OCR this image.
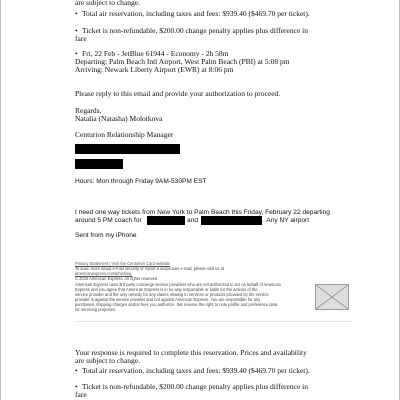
are subject to change.
• Total air reservation, including taxes and fees: $939.40 ($469.70 per ticket).
• Ticket is non-refundable, $200.00 change penalty applies plus difference in
fare
• Fri, 22 Feb - JetBlue 61944 - Economy - 2h 58m
Departing: Palm Beach Intl Airport, West Palm Beach (PBI) at 5:08 pm
Arriving: Newark Liberty Airport (EWR) at 8:06 pm
Please reply to this email and provide your authorization to proceed.
Regards,
Natalia (Natasha) Molotkova
Centurion Relationship Manager
Hours: Mon through Friday 9AM-530PM EST
I need one way tickets from New York to Palm Beach this Friday, February 22 departing
around 5 PM coach for	and	. Any NY airport
Sent from my iPhone
Privacy Statement | Visit the Centurion Card website
To learn more about e-mail security or report a suspicious e-mail, please visit us at
americanexpress.com/phishing.
© 2015 American Express. All rights reserved
American Express uses 3rd party concierge service providers who are not authorized to act on behalf of American
Express and you agree that American Express is in no way responsible or liable for the actions of the
service provider and the only remedy for any claims relating to services or products provided by the service
provider is against the service provider and not against American Express. You are responsible for any
purchases, shipping charges and/or fees you authorize. We reserve the right to note profile and preference data
for servicing purposes.
Your response is required to complete this reservation. Prices and availability
are subject to change.
• Total air reservation, including taxes and fees: $939.40 ($469.70 per ticket).
• Ticket is non-refundable, $200.00 change penalty applies plus difference in
fare
